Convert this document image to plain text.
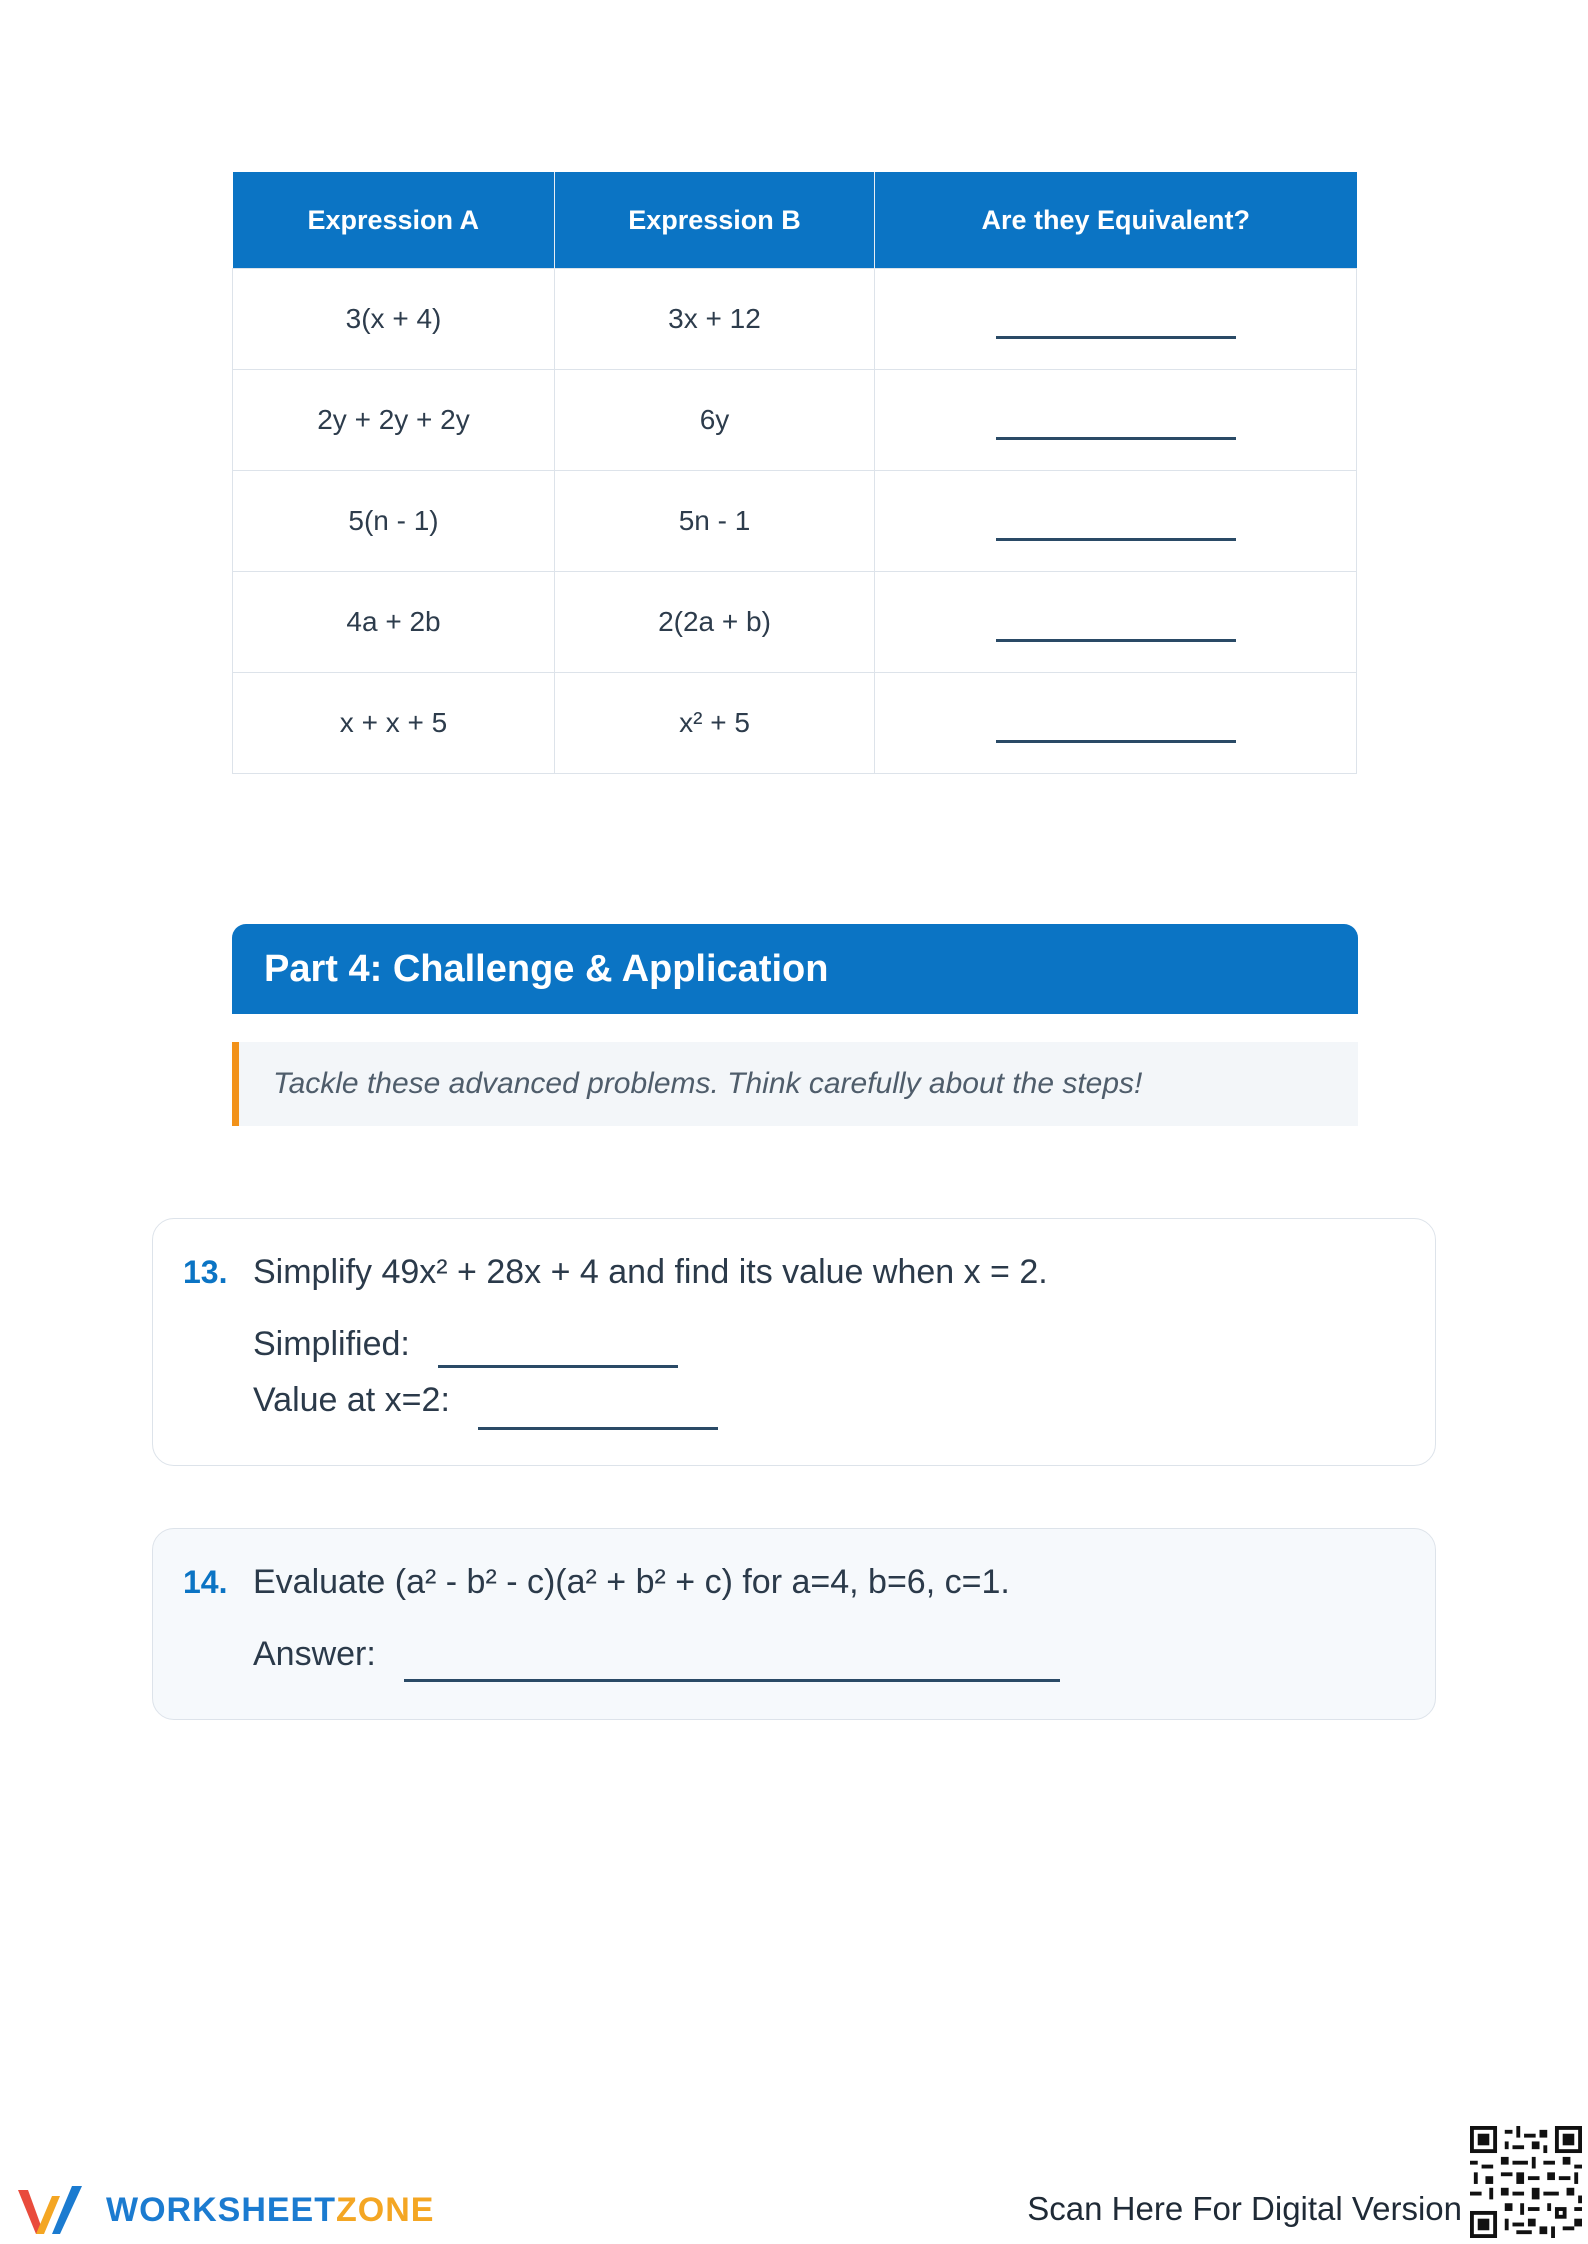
Expression A	Expression B	Are they Equivalent?
3(x + 4)	3x + 12	
2y + 2y + 2y	6y	
5(n - 1)	5n - 1	
4a + 2b	2(2a + b)	
x + x + 5	x² + 5	
Part 4: Challenge & Application
Tackle these advanced problems. Think carefully about the steps!
13. Simplify 49x² + 28x + 4 and find its value when x = 2.
Simplified:
Value at x=2:
14. Evaluate (a² - b² - c)(a² + b² + c) for a=4, b=6, c=1.
Answer:
WORKSHEETZONE	Scan Here For Digital Version
